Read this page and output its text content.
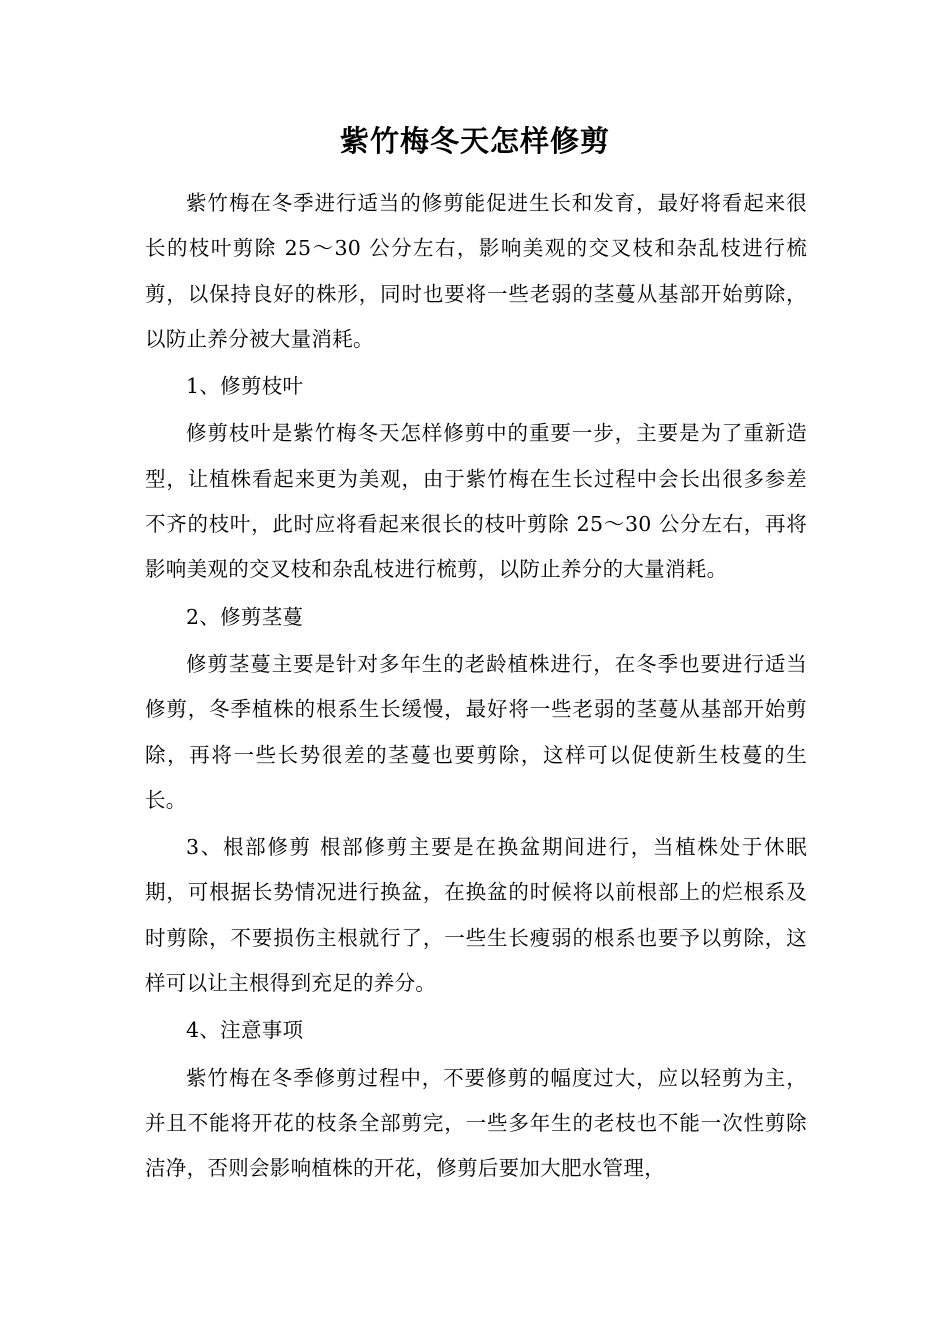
紫竹梅冬天怎样修剪

紫竹梅在冬季进行适当的修剪能促进生长和发育，最好将看起来很长的枝叶剪除 25～30 公分左右，影响美观的交叉枝和杂乱枝进行梳剪，以保持良好的株形，同时也要将一些老弱的茎蔓从基部开始剪除，以防止养分被大量消耗。

1、修剪枝叶

修剪枝叶是紫竹梅冬天怎样修剪中的重要一步，主要是为了重新造型，让植株看起来更为美观，由于紫竹梅在生长过程中会长出很多参差不齐的枝叶，此时应将看起来很长的枝叶剪除 25～30 公分左右，再将影响美观的交叉枝和杂乱枝进行梳剪，以防止养分的大量消耗。

2、修剪茎蔓

修剪茎蔓主要是针对多年生的老龄植株进行，在冬季也要进行适当修剪，冬季植株的根系生长缓慢，最好将一些老弱的茎蔓从基部开始剪除，再将一些长势很差的茎蔓也要剪除，这样可以促使新生枝蔓的生长。

3、根部修剪 根部修剪主要是在换盆期间进行，当植株处于休眠期，可根据长势情况进行换盆，在换盆的时候将以前根部上的烂根系及时剪除，不要损伤主根就行了，一些生长瘦弱的根系也要予以剪除，这样可以让主根得到充足的养分。

4、注意事项

紫竹梅在冬季修剪过程中，不要修剪的幅度过大，应以轻剪为主，并且不能将开花的枝条全部剪完，一些多年生的老枝也不能一次性剪除洁净，否则会影响植株的开花，修剪后要加大肥水管理，
